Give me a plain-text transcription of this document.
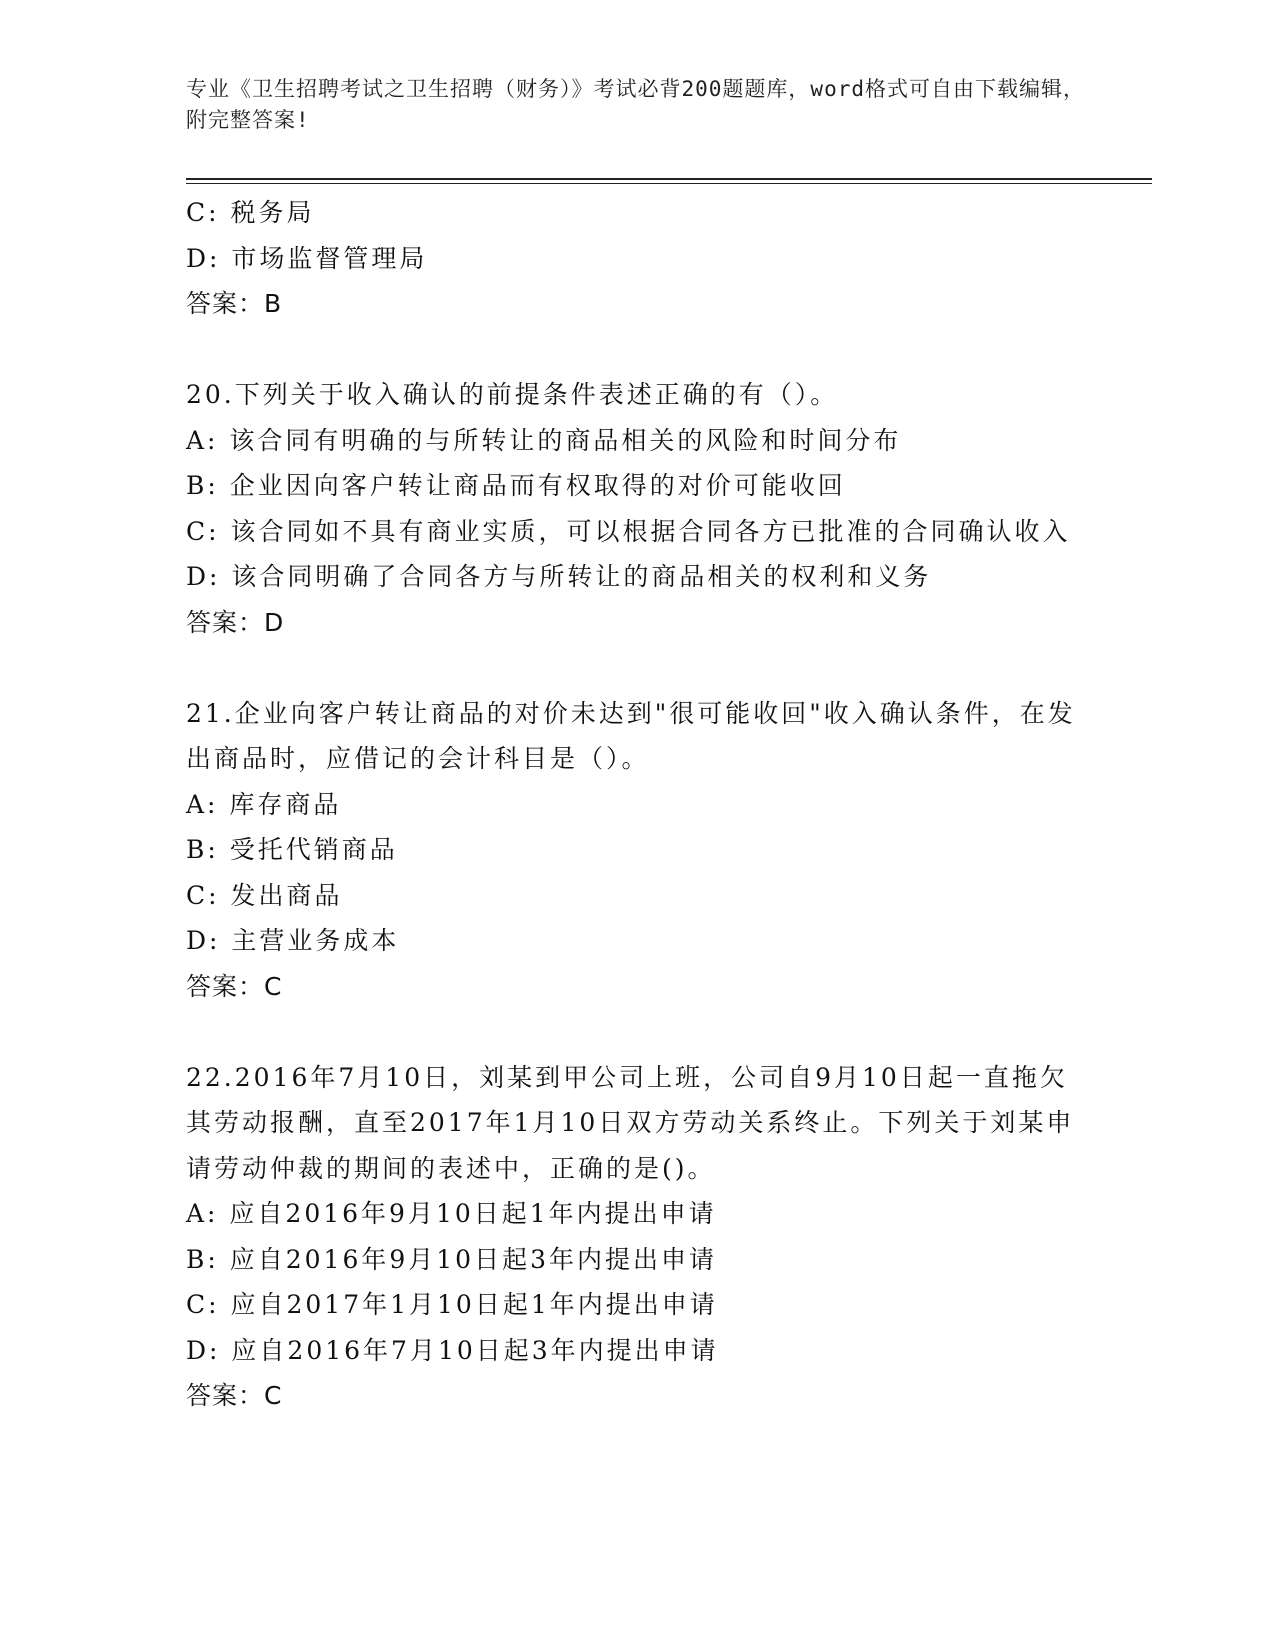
专业《卫生招聘考试之卫生招聘（财务）》考试必背200题题库，word格式可自由下载编辑，附完整答案!

C: 税务局

D: 市场监督管理局

答案：B

20.下列关于收入确认的前提条件表述正确的有（）。

A: 该合同有明确的与所转让的商品相关的风险和时间分布

B: 企业因向客户转让商品而有权取得的对价可能收回

C: 该合同如不具有商业实质，可以根据合同各方已批准的合同确认收入

D: 该合同明确了合同各方与所转让的商品相关的权利和义务

答案：D

21.企业向客户转让商品的对价未达到"很可能收回"收入确认条件，在发出商品时，应借记的会计科目是（）。

A: 库存商品

B: 受托代销商品

C: 发出商品

D: 主营业务成本

答案：C

22.2016年7月10日，刘某到甲公司上班，公司自9月10日起一直拖欠其劳动报酬，直至2017年1月10日双方劳动关系终止。下列关于刘某申请劳动仲裁的期间的表述中，正确的是()。

A: 应自2016年9月10日起1年内提出申请

B: 应自2016年9月10日起3年内提出申请

C: 应自2017年1月10日起1年内提出申请

D: 应自2016年7月10日起3年内提出申请

答案：C
